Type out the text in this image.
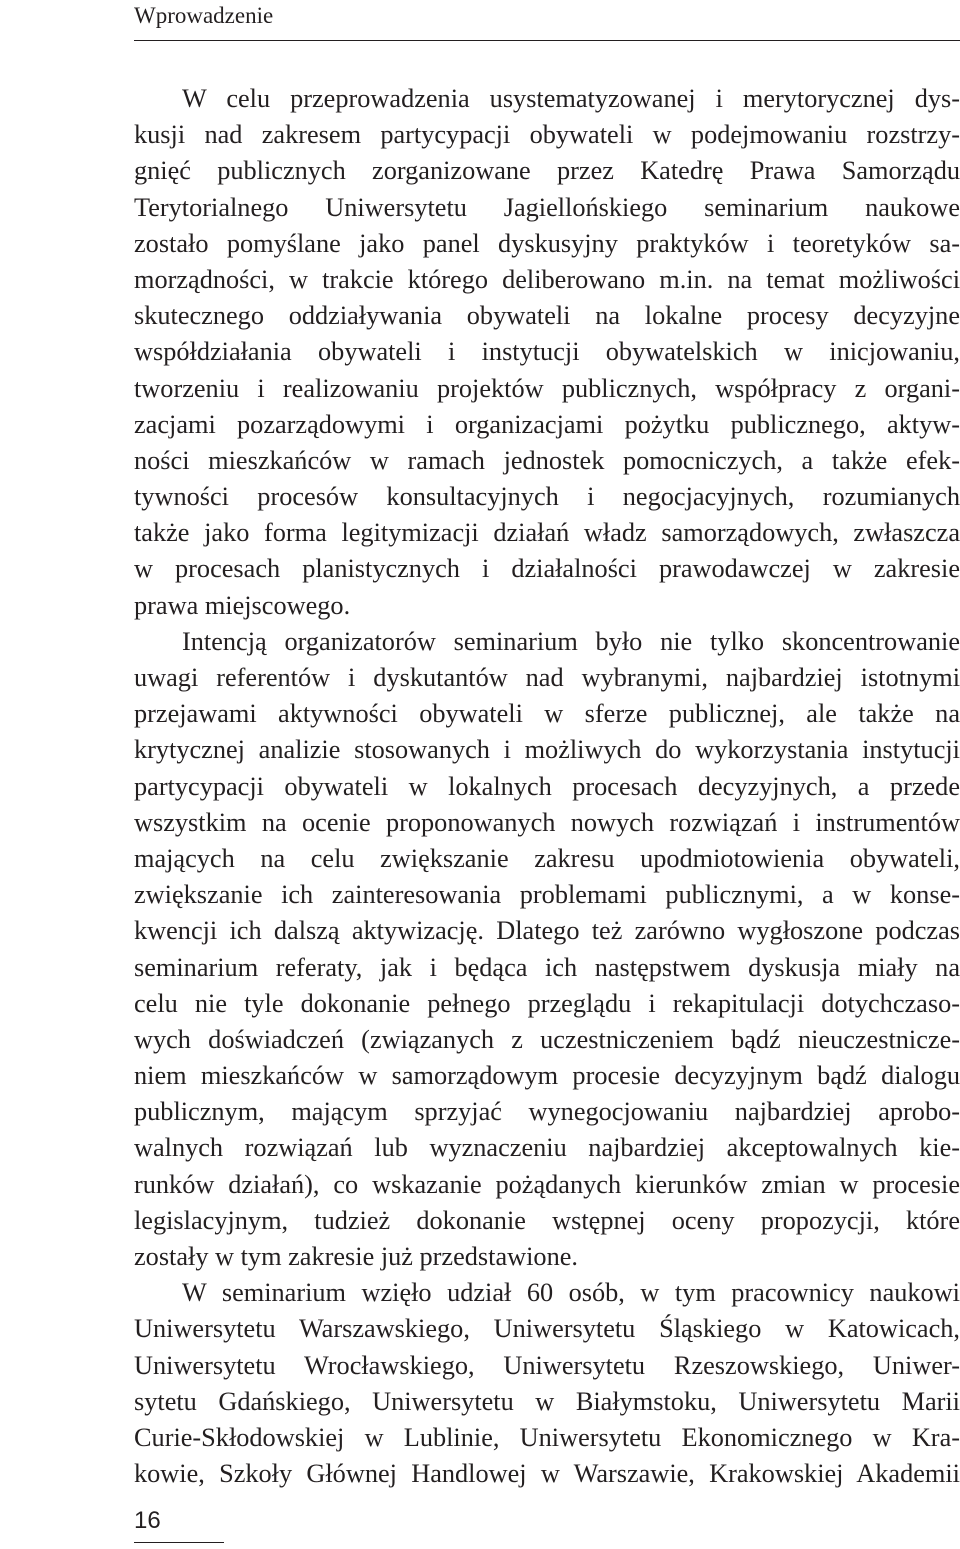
Wprowadzenie
W celu przeprowadzenia usystematyzowanej i merytorycznej dys-
kusji nad zakresem partycypacji obywateli w podejmowaniu rozstrzy-
gnięć publicznych zorganizowane przez Katedrę Prawa Samorządu
Terytorialnego Uniwersytetu Jagiellońskiego seminarium naukowe
zostało pomyślane jako panel dyskusyjny praktyków i teoretyków sa-
morządności, w trakcie którego deliberowano m.in. na temat możliwości
skutecznego oddziaływania obywateli na lokalne procesy decyzyjne
współdziałania obywateli i instytucji obywatelskich w inicjowaniu,
tworzeniu i realizowaniu projektów publicznych, współpracy z organi-
zacjami pozarządowymi i organizacjami pożytku publicznego, aktyw-
ności mieszkańców w ramach jednostek pomocniczych, a także efek-
tywności procesów konsultacyjnych i negocjacyjnych, rozumianych
także jako forma legitymizacji działań władz samorządowych, zwłaszcza
w procesach planistycznych i działalności prawodawczej w zakresie
prawa miejscowego.
Intencją organizatorów seminarium było nie tylko skoncentrowanie
uwagi referentów i dyskutantów nad wybranymi, najbardziej istotnymi
przejawami aktywności obywateli w sferze publicznej, ale także na
krytycznej analizie stosowanych i możliwych do wykorzystania instytucji
partycypacji obywateli w lokalnych procesach decyzyjnych, a przede
wszystkim na ocenie proponowanych nowych rozwiązań i instrumentów
mających na celu zwiększanie zakresu upodmiotowienia obywateli,
zwiększanie ich zainteresowania problemami publicznymi, a w konse-
kwencji ich dalszą aktywizację. Dlatego też zarówno wygłoszone podczas
seminarium referaty, jak i będąca ich następstwem dyskusja miały na
celu nie tyle dokonanie pełnego przeglądu i rekapitulacji dotychczaso-
wych doświadczeń (związanych z uczestniczeniem bądź nieuczestnicze-
niem mieszkańców w samorządowym procesie decyzyjnym bądź dialogu
publicznym, mającym sprzyjać wynegocjowaniu najbardziej aprobo-
walnych rozwiązań lub wyznaczeniu najbardziej akceptowalnych kie-
runków działań), co wskazanie pożądanych kierunków zmian w procesie
legislacyjnym, tudzież dokonanie wstępnej oceny propozycji, które
zostały w tym zakresie już przedstawione.
W seminarium wzięło udział 60 osób, w tym pracownicy naukowi
Uniwersytetu Warszawskiego, Uniwersytetu Śląskiego w Katowicach,
Uniwersytetu Wrocławskiego, Uniwersytetu Rzeszowskiego, Uniwer-
sytetu Gdańskiego, Uniwersytetu w Białymstoku, Uniwersytetu Marii
Curie-Skłodowskiej w Lublinie, Uniwersytetu Ekonomicznego w Kra-
kowie, Szkoły Głównej Handlowej w Warszawie, Krakowskiej Akademii
16
